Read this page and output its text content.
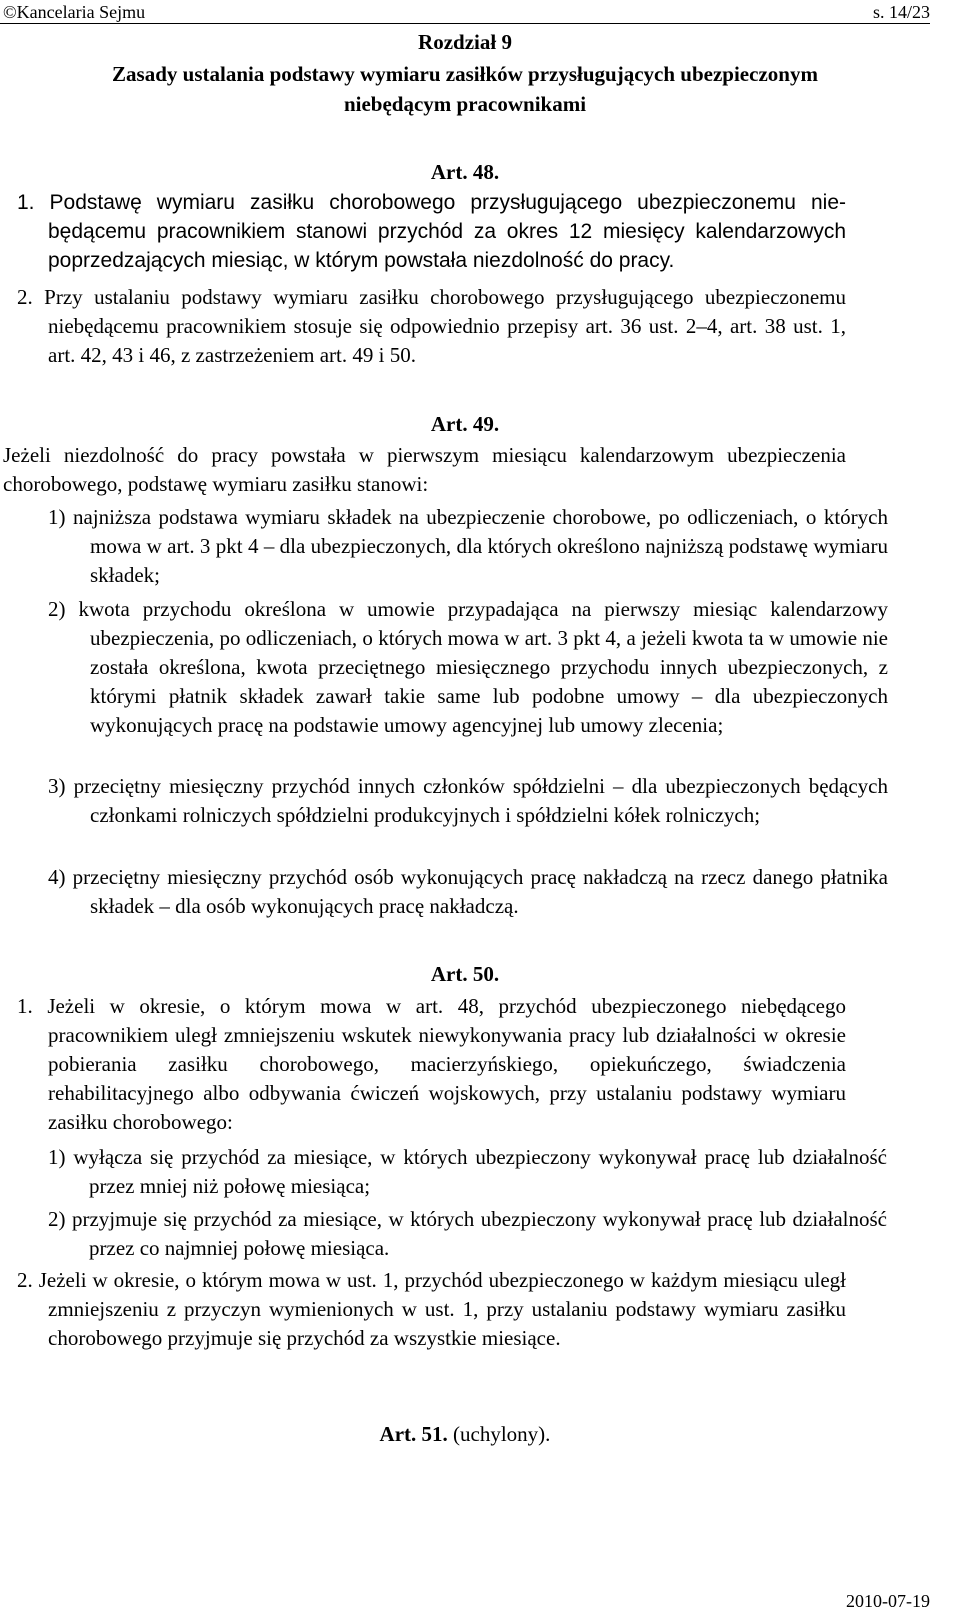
©Kancelaria Sejmu	s. 14/23
Rozdział 9
Zasady ustalania podstawy wymiaru zasiłków przysługujących ubezpieczonym
niebędącym pracownikami
Art. 48.
1. Podstawę wymiaru zasiłku chorobowego przysługującego ubezpieczonemu niebędącemu pracownikiem stanowi przychód za okres 12 miesięcy kalendarzowych poprzedzających miesiąc, w którym powstała niezdolność do pracy.
2. Przy ustalaniu podstawy wymiaru zasiłku chorobowego przysługującego ubezpieczonemu niebędącemu pracownikiem stosuje się odpowiednio przepisy art. 36 ust. 2–4, art. 38 ust. 1, art. 42, 43 i 46, z zastrzeżeniem art. 49 i 50.
Art. 49.
Jeżeli niezdolność do pracy powstała w pierwszym miesiącu kalendarzowym ubezpieczenia chorobowego, podstawę wymiaru zasiłku stanowi:
1) najniższa podstawa wymiaru składek na ubezpieczenie chorobowe, po odliczeniach, o których mowa w art. 3 pkt 4 – dla ubezpieczonych, dla których określono najniższą podstawę wymiaru składek;
2) kwota przychodu określona w umowie przypadająca na pierwszy miesiąc kalendarzowy ubezpieczenia, po odliczeniach, o których mowa w art. 3 pkt 4, a jeżeli kwota ta w umowie nie została określona, kwota przeciętnego miesięcznego przychodu innych ubezpieczonych, z którymi płatnik składek zawarł takie same lub podobne umowy – dla ubezpieczonych wykonujących pracę na podstawie umowy agencyjnej lub umowy zlecenia;
3) przeciętny miesięczny przychód innych członków spółdzielni – dla ubezpieczonych będących członkami rolniczych spółdzielni produkcyjnych i spółdzielni kółek rolniczych;
4) przeciętny miesięczny przychód osób wykonujących pracę nakładczą na rzecz danego płatnika składek – dla osób wykonujących pracę nakładczą.
Art. 50.
1. Jeżeli w okresie, o którym mowa w art. 48, przychód ubezpieczonego niebędącego pracownikiem uległ zmniejszeniu wskutek niewykonywania pracy lub działalności w okresie pobierania zasiłku chorobowego, macierzyńskiego, opiekuńczego, świadczenia rehabilitacyjnego albo odbywania ćwiczeń wojskowych, przy ustalaniu podstawy wymiaru zasiłku chorobowego:
1) wyłącza się przychód za miesiące, w których ubezpieczony wykonywał pracę lub działalność przez mniej niż połowę miesiąca;
2) przyjmuje się przychód za miesiące, w których ubezpieczony wykonywał pracę lub działalność przez co najmniej połowę miesiąca.
2. Jeżeli w okresie, o którym mowa w ust. 1, przychód ubezpieczonego w każdym miesiącu uległ zmniejszeniu z przyczyn wymienionych w ust. 1, przy ustalaniu podstawy wymiaru zasiłku chorobowego przyjmuje się przychód za wszystkie miesiące.
Art. 51. (uchylony).
2010-07-19
